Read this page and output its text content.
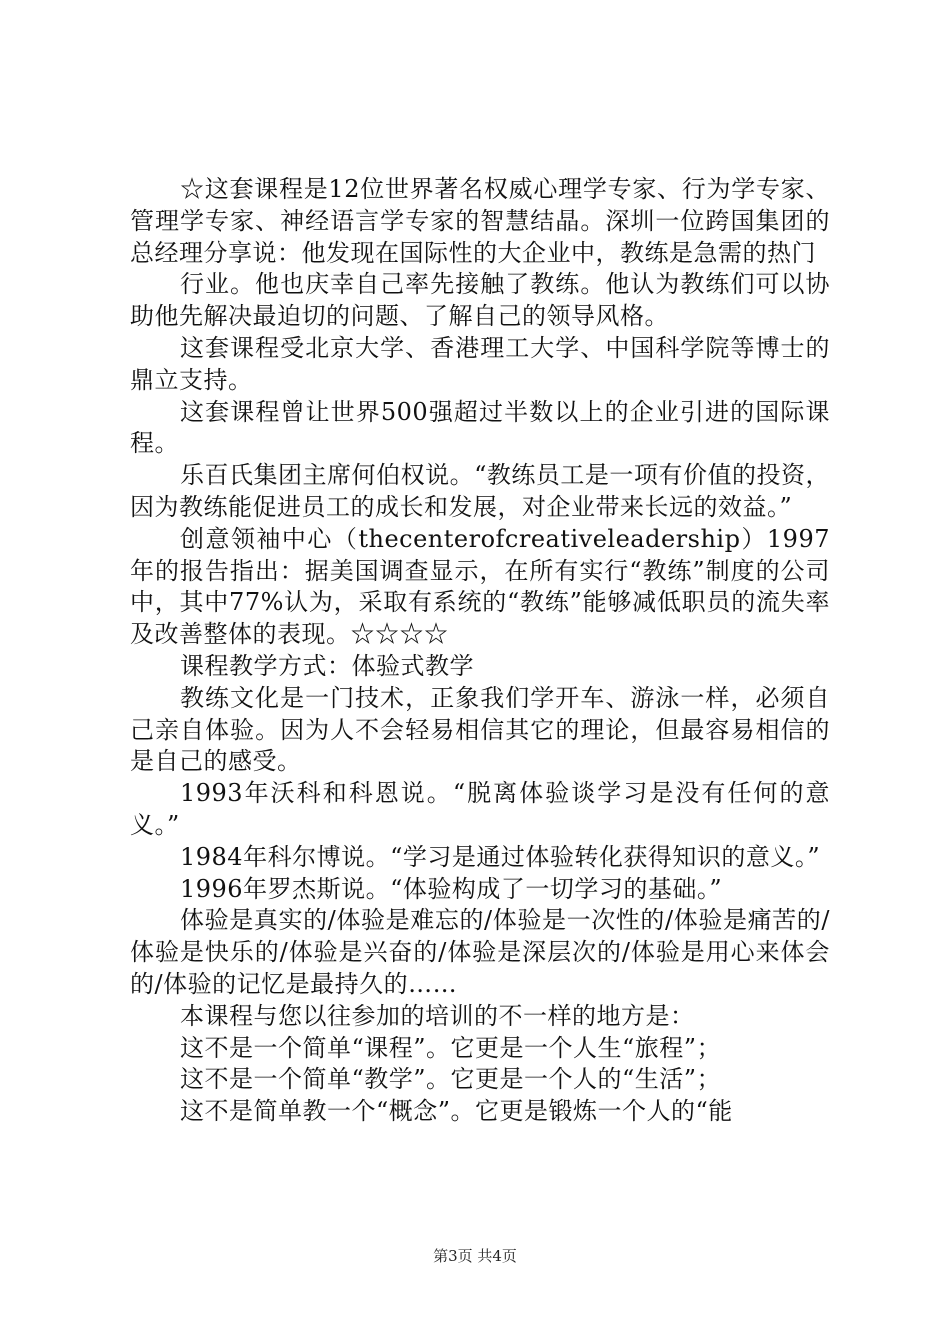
☆这套课程是12位世界著名权威心理学专家、行为学专家、管理学专家、神经语言学专家的智慧结晶。深圳一位跨国集团的总经理分享说：他发现在国际性的大企业中，教练是急需的热门

行业。他也庆幸自己率先接触了教练。他认为教练们可以协助他先解决最迫切的问题、了解自己的领导风格。

这套课程受北京大学、香港理工大学、中国科学院等博士的鼎立支持。

这套课程曾让世界500强超过半数以上的企业引进的国际课程。

乐百氏集团主席何伯权说。“教练员工是一项有价值的投资，因为教练能促进员工的成长和发展，对企业带来长远的效益。”

创意领袖中心（thecenterofcreativeleadership）1997年的报告指出：据美国调查显示，在所有实行“教练”制度的公司中，其中77%认为，采取有系统的“教练”能够减低职员的流失率及改善整体的表现。☆☆☆☆

课程教学方式：体验式教学

教练文化是一门技术，正象我们学开车、游泳一样，必须自己亲自体验。因为人不会轻易相信其它的理论，但最容易相信的是自己的感受。

1993年沃科和科恩说。“脱离体验谈学习是没有任何的意义。”

1984年科尔博说。“学习是通过体验转化获得知识的意义。”

1996年罗杰斯说。“体验构成了一切学习的基础。”

体验是真实的/体验是难忘的/体验是一次性的/体验是痛苦的/体验是快乐的/体验是兴奋的/体验是深层次的/体验是用心来体会的/体验的记忆是最持久的……

本课程与您以往参加的培训的不一样的地方是：

这不是一个简单“课程”。它更是一个人生“旅程”；

这不是一个简单“教学”。它更是一个人的“生活”；

这不是简单教一个“概念”。它更是锻炼一个人的“能

第3页 共4页
